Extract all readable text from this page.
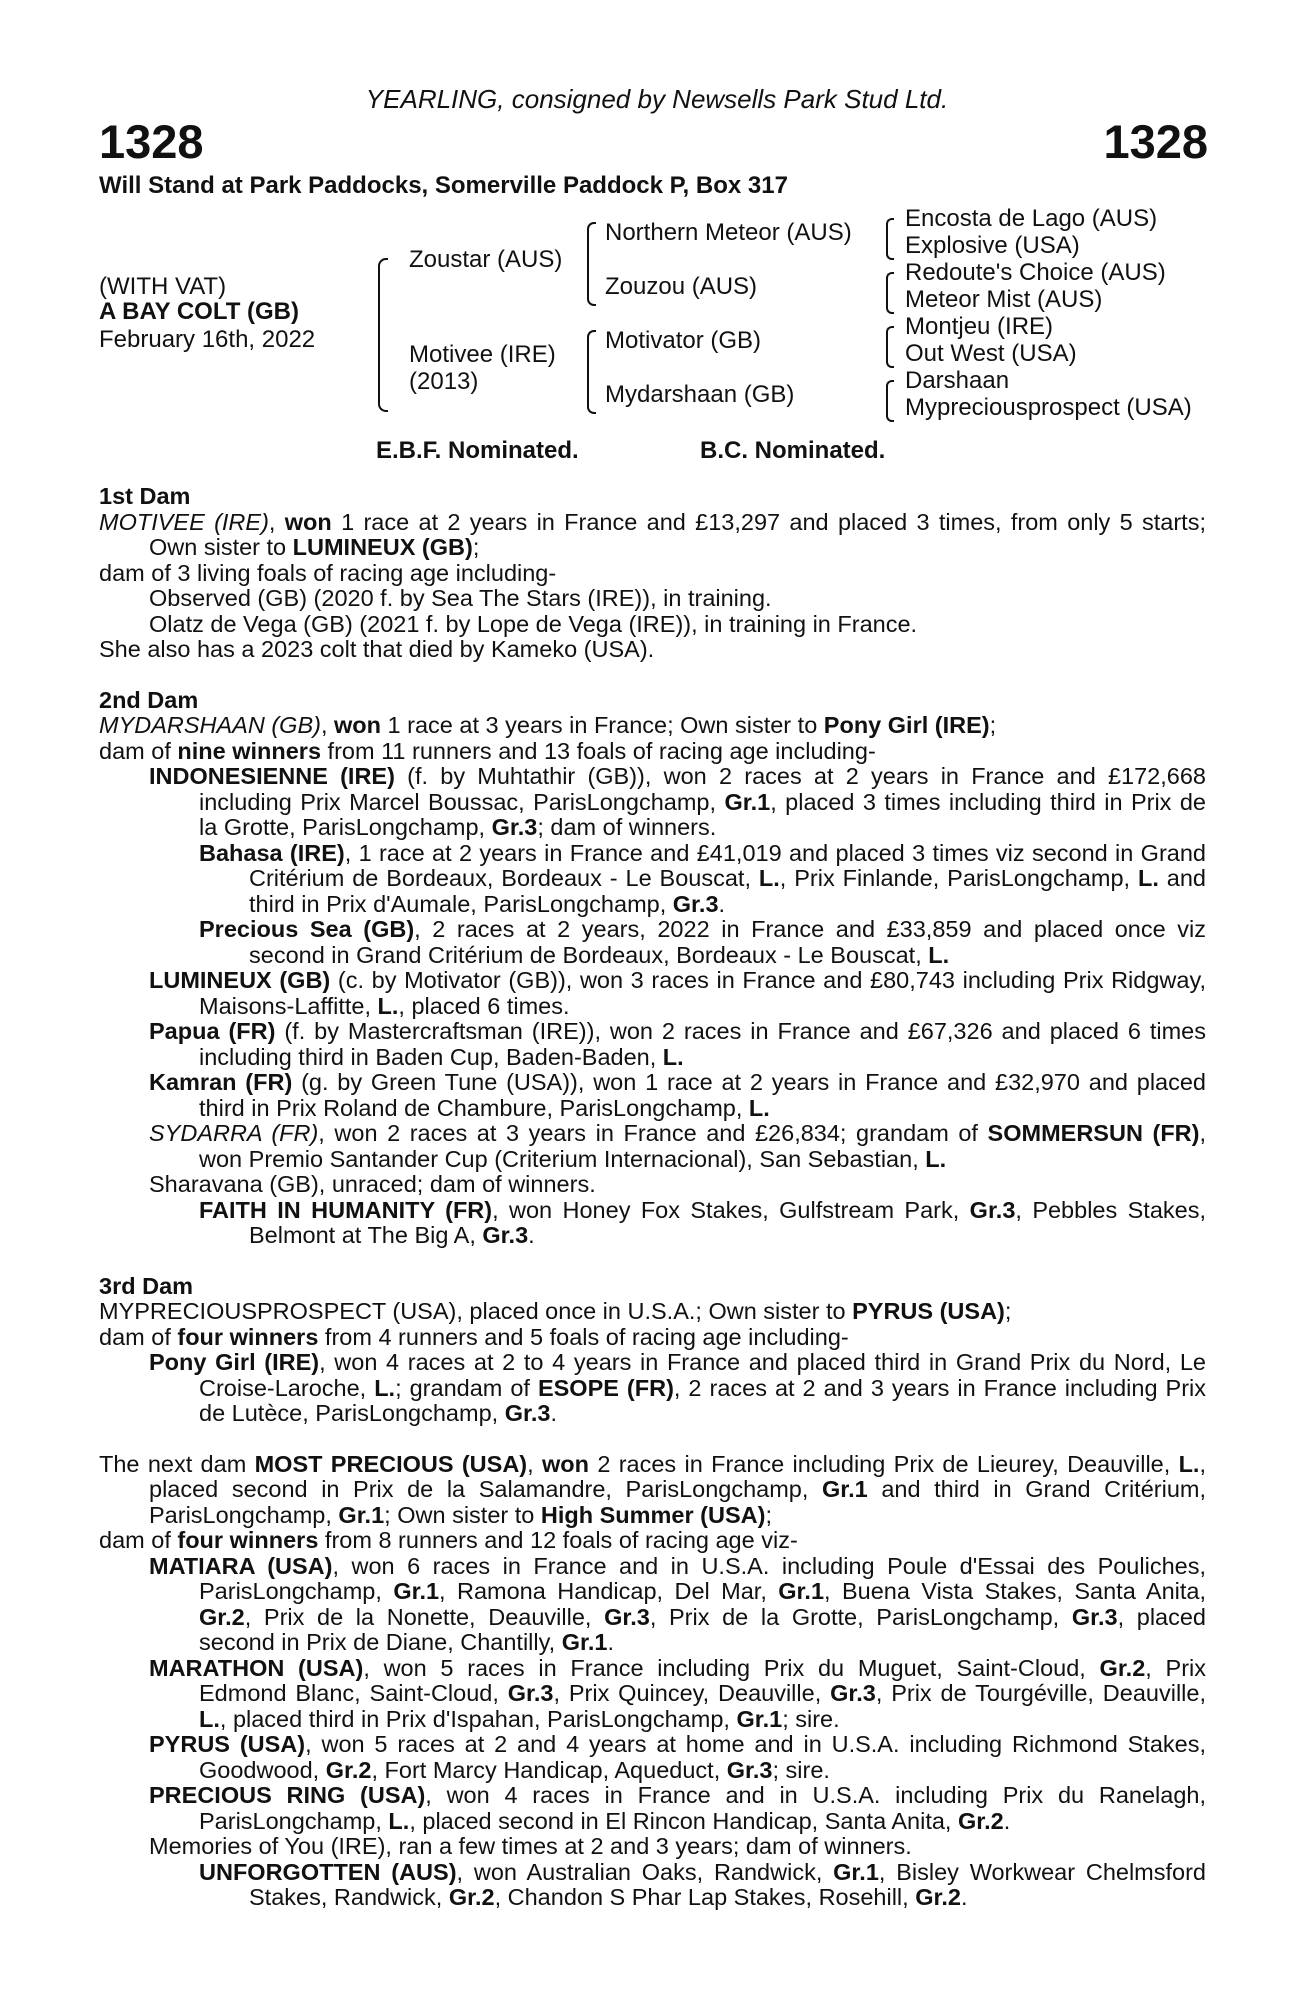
YEARLING, consigned by Newsells Park Stud Ltd.
1328	1328
Will Stand at Park Paddocks, Somerville Paddock P, Box 317
(WITH VAT)
A BAY COLT (GB)
February 16th, 2022
Zoustar (AUS)
Motivee (IRE)
(2013)
Northern Meteor (AUS)
Zouzou (AUS)
Motivator (GB)
Mydarshaan (GB)
Encosta de Lago (AUS)
Explosive (USA)
Redoute's Choice (AUS)
Meteor Mist (AUS)
Montjeu (IRE)
Out West (USA)
Darshaan
Mypreciousprospect (USA)
E.B.F. Nominated.	B.C. Nominated.

1st Dam

MOTIVEE (IRE), won 1 race at 2 years in France and £13,297 and placed 3 times, from only 5 starts; Own sister to LUMINEUX (GB);

dam of 3 living foals of racing age including-

Observed (GB) (2020 f. by Sea The Stars (IRE)), in training.

Olatz de Vega (GB) (2021 f. by Lope de Vega (IRE)), in training in France.

She also has a 2023 colt that died by Kameko (USA).

2nd Dam

MYDARSHAAN (GB), won 1 race at 3 years in France; Own sister to Pony Girl (IRE);

dam of nine winners from 11 runners and 13 foals of racing age including-

INDONESIENNE (IRE) (f. by Muhtathir (GB)), won 2 races at 2 years in France and £172,668 including Prix Marcel Boussac, ParisLongchamp, Gr.1, placed 3 times including third in Prix de la Grotte, ParisLongchamp, Gr.3; dam of winners.

Bahasa (IRE), 1 race at 2 years in France and £41,019 and placed 3 times viz second in Grand Critérium de Bordeaux, Bordeaux - Le Bouscat, L., Prix Finlande, ParisLongchamp, L. and third in Prix d'Aumale, ParisLongchamp, Gr.3.

Precious Sea (GB), 2 races at 2 years, 2022 in France and £33,859 and placed once viz second in Grand Critérium de Bordeaux, Bordeaux - Le Bouscat, L.

LUMINEUX (GB) (c. by Motivator (GB)), won 3 races in France and £80,743 including Prix Ridgway, Maisons-Laffitte, L., placed 6 times.

Papua (FR) (f. by Mastercraftsman (IRE)), won 2 races in France and £67,326 and placed 6 times including third in Baden Cup, Baden-Baden, L.

Kamran (FR) (g. by Green Tune (USA)), won 1 race at 2 years in France and £32,970 and placed third in Prix Roland de Chambure, ParisLongchamp, L.

SYDARRA (FR), won 2 races at 3 years in France and £26,834; grandam of SOMMERSUN (FR), won Premio Santander Cup (Criterium Internacional), San Sebastian, L.

Sharavana (GB), unraced; dam of winners.

FAITH IN HUMANITY (FR), won Honey Fox Stakes, Gulfstream Park, Gr.3, Pebbles Stakes, Belmont at The Big A, Gr.3.

3rd Dam

MYPRECIOUSPROSPECT (USA), placed once in U.S.A.; Own sister to PYRUS (USA);

dam of four winners from 4 runners and 5 foals of racing age including-

Pony Girl (IRE), won 4 races at 2 to 4 years in France and placed third in Grand Prix du Nord, Le Croise-Laroche, L.; grandam of ESOPE (FR), 2 races at 2 and 3 years in France including Prix de Lutèce, ParisLongchamp, Gr.3.

The next dam MOST PRECIOUS (USA), won 2 races in France including Prix de Lieurey, Deauville, L., placed second in Prix de la Salamandre, ParisLongchamp, Gr.1 and third in Grand Critérium, ParisLongchamp, Gr.1; Own sister to High Summer (USA);

dam of four winners from 8 runners and 12 foals of racing age viz-

MATIARA (USA), won 6 races in France and in U.S.A. including Poule d'Essai des Pouliches, ParisLongchamp, Gr.1, Ramona Handicap, Del Mar, Gr.1, Buena Vista Stakes, Santa Anita, Gr.2, Prix de la Nonette, Deauville, Gr.3, Prix de la Grotte, ParisLongchamp, Gr.3, placed second in Prix de Diane, Chantilly, Gr.1.

MARATHON (USA), won 5 races in France including Prix du Muguet, Saint-Cloud, Gr.2, Prix Edmond Blanc, Saint-Cloud, Gr.3, Prix Quincey, Deauville, Gr.3, Prix de Tourgéville, Deauville, L., placed third in Prix d'Ispahan, ParisLongchamp, Gr.1; sire.

PYRUS (USA), won 5 races at 2 and 4 years at home and in U.S.A. including Richmond Stakes, Goodwood, Gr.2, Fort Marcy Handicap, Aqueduct, Gr.3; sire.

PRECIOUS RING (USA), won 4 races in France and in U.S.A. including Prix du Ranelagh, ParisLongchamp, L., placed second in El Rincon Handicap, Santa Anita, Gr.2.

Memories of You (IRE), ran a few times at 2 and 3 years; dam of winners.

UNFORGOTTEN (AUS), won Australian Oaks, Randwick, Gr.1, Bisley Workwear Chelmsford Stakes, Randwick, Gr.2, Chandon S Phar Lap Stakes, Rosehill, Gr.2.
